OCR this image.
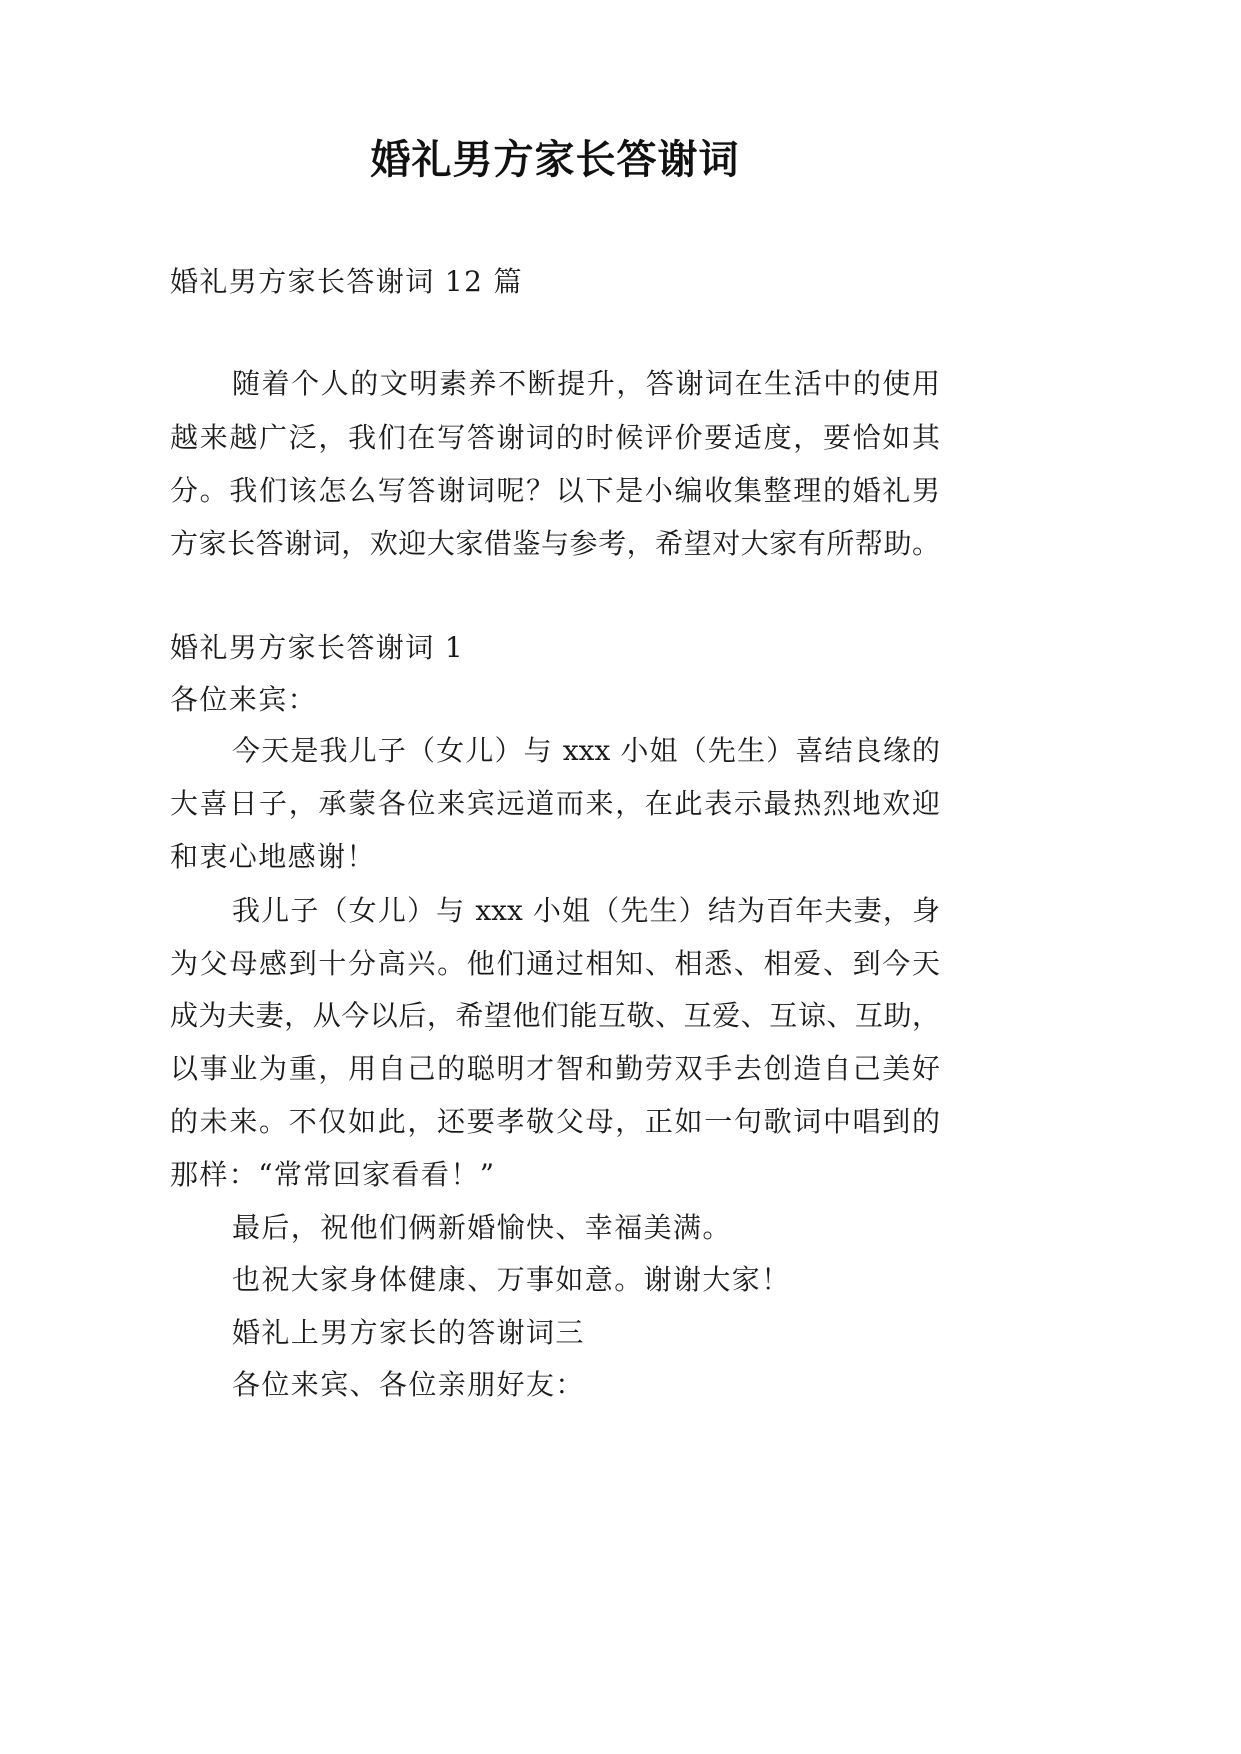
婚礼男方家长答谢词
婚礼男方家长答谢词 12 篇
随着个人的文明素养不断提升，答谢词在生活中的使用
越来越广泛，我们在写答谢词的时候评价要适度，要恰如其
分。我们该怎么写答谢词呢？以下是小编收集整理的婚礼男
方家长答谢词，欢迎大家借鉴与参考，希望对大家有所帮助。
婚礼男方家长答谢词 1
各位来宾：
今天是我儿子（女儿）与 xxx 小姐（先生）喜结良缘的
大喜日子，承蒙各位来宾远道而来，在此表示最热烈地欢迎
和衷心地感谢！
我儿子（女儿）与 xxx 小姐（先生）结为百年夫妻，身
为父母感到十分高兴。他们通过相知、相悉、相爱、到今天
成为夫妻，从今以后，希望他们能互敬、互爱、互谅、互助，
以事业为重，用自己的聪明才智和勤劳双手去创造自己美好
的未来。不仅如此，还要孝敬父母，正如一句歌词中唱到的
那样：“常常回家看看！”
最后，祝他们俩新婚愉快、幸福美满。
也祝大家身体健康、万事如意。谢谢大家！
婚礼上男方家长的答谢词三
各位来宾、各位亲朋好友：
